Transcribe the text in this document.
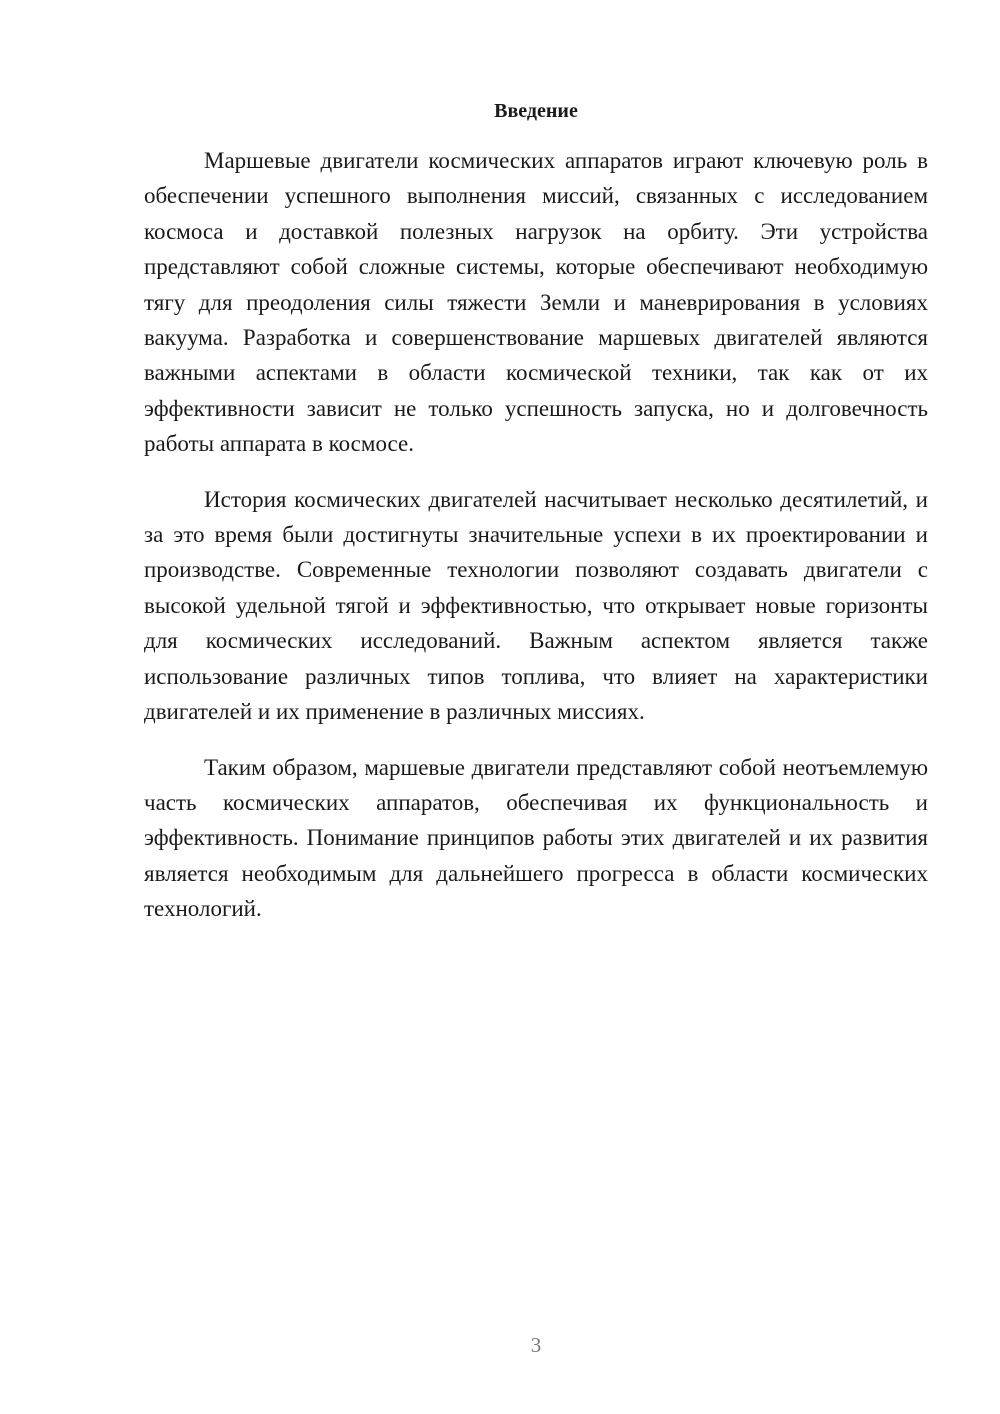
Введение

Маршевые двигатели космических аппаратов играют ключевую роль в обеспечении успешного выполнения миссий, связанных с исследованием космоса и доставкой полезных нагрузок на орбиту. Эти устройства представляют собой сложные системы, которые обеспечивают необходимую тягу для преодоления силы тяжести Земли и маневрирования в условиях вакуума. Разработка и совершенствование маршевых двигателей являются важными аспектами в области космической техники, так как от их эффективности зависит не только успешность запуска, но и долговечность работы аппарата в космосе.

История космических двигателей насчитывает несколько десятилетий, и за это время были достигнуты значительные успехи в их проектировании и производстве. Современные технологии позволяют создавать двигатели с высокой удельной тягой и эффективностью, что открывает новые горизонты для космических исследований. Важным аспектом является также использование различных типов топлива, что влияет на характеристики двигателей и их применение в различных миссиях.

Таким образом, маршевые двигатели представляют собой неотъемлемую часть космических аппаратов, обеспечивая их функциональность и эффективность. Понимание принципов работы этих двигателей и их развития является необходимым для дальнейшего прогресса в области космических технологий.

3
